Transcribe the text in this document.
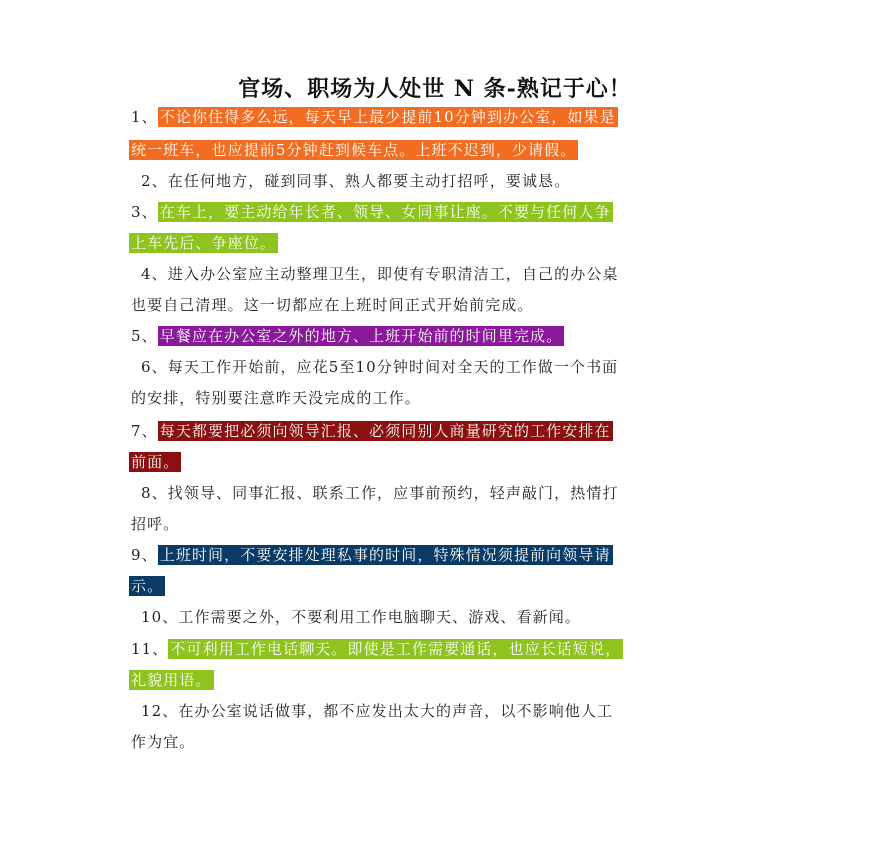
官场、职场为人处世 N 条-熟记于心！
1、 不论你住得多么远，每天早上最少提前10分钟到办公室，如果是
统一班车，也应提前5分钟赶到候车点。上班不迟到，少请假。
2、在任何地方，碰到同事、熟人都要主动打招呼，要诚恳。
3、 在车上，要主动给年长者、领导、女同事让座。不要与任何人争
上车先后、争座位。
4、进入办公室应主动整理卫生，即使有专职清洁工，自己的办公桌
也要自己清理。这一切都应在上班时间正式开始前完成。
5、 早餐应在办公室之外的地方、上班开始前的时间里完成。
6、每天工作开始前，应花5至10分钟时间对全天的工作做一个书面
的安排，特别要注意昨天没完成的工作。
7、 每天都要把必须向领导汇报、必须同别人商量研究的工作安排在
前面。
8、找领导、同事汇报、联系工作，应事前预约，轻声敲门，热情打
招呼。
9、 上班时间，不要安排处理私事的时间，特殊情况须提前向领导请
示。
10、工作需要之外，不要利用工作电脑聊天、游戏、看新闻。
11、 不可利用工作电话聊天。即使是工作需要通话，也应长话短说，
礼貌用语。
12、在办公室说话做事，都不应发出太大的声音，以不影响他人工
作为宜。
